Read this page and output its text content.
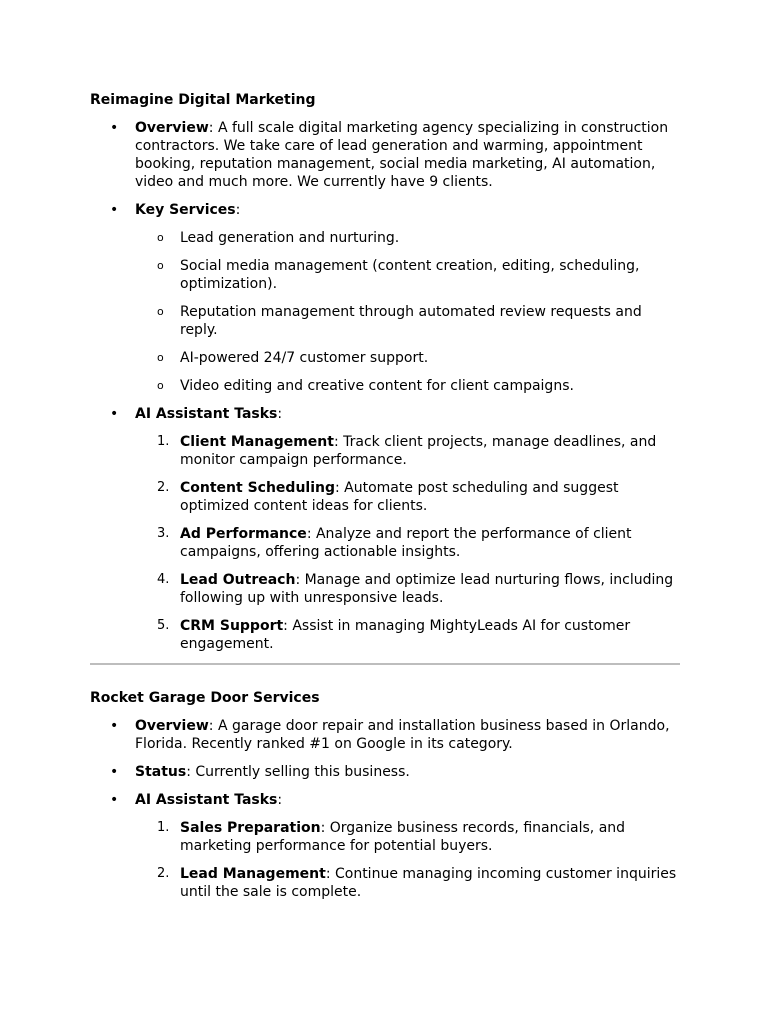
Reimagine Digital Marketing
• Overview: A full scale digital marketing agency specializing in construction contractors. We take care of lead generation and warming, appointment booking, reputation management, social media marketing, AI automation, video and much more. We currently have 9 clients.
• Key Services:
o Lead generation and nurturing.
o Social media management (content creation, editing, scheduling, optimization).
o Reputation management through automated review requests and reply.
o AI-powered 24/7 customer support.
o Video editing and creative content for client campaigns.
• AI Assistant Tasks:
1. Client Management: Track client projects, manage deadlines, and monitor campaign performance.
2. Content Scheduling: Automate post scheduling and suggest optimized content ideas for clients.
3. Ad Performance: Analyze and report the performance of client campaigns, offering actionable insights.
4. Lead Outreach: Manage and optimize lead nurturing flows, including following up with unresponsive leads.
5. CRM Support: Assist in managing MightyLeads AI for customer engagement.
Rocket Garage Door Services
• Overview: A garage door repair and installation business based in Orlando, Florida. Recently ranked #1 on Google in its category.
• Status: Currently selling this business.
• AI Assistant Tasks:
1. Sales Preparation: Organize business records, financials, and marketing performance for potential buyers.
2. Lead Management: Continue managing incoming customer inquiries until the sale is complete.
